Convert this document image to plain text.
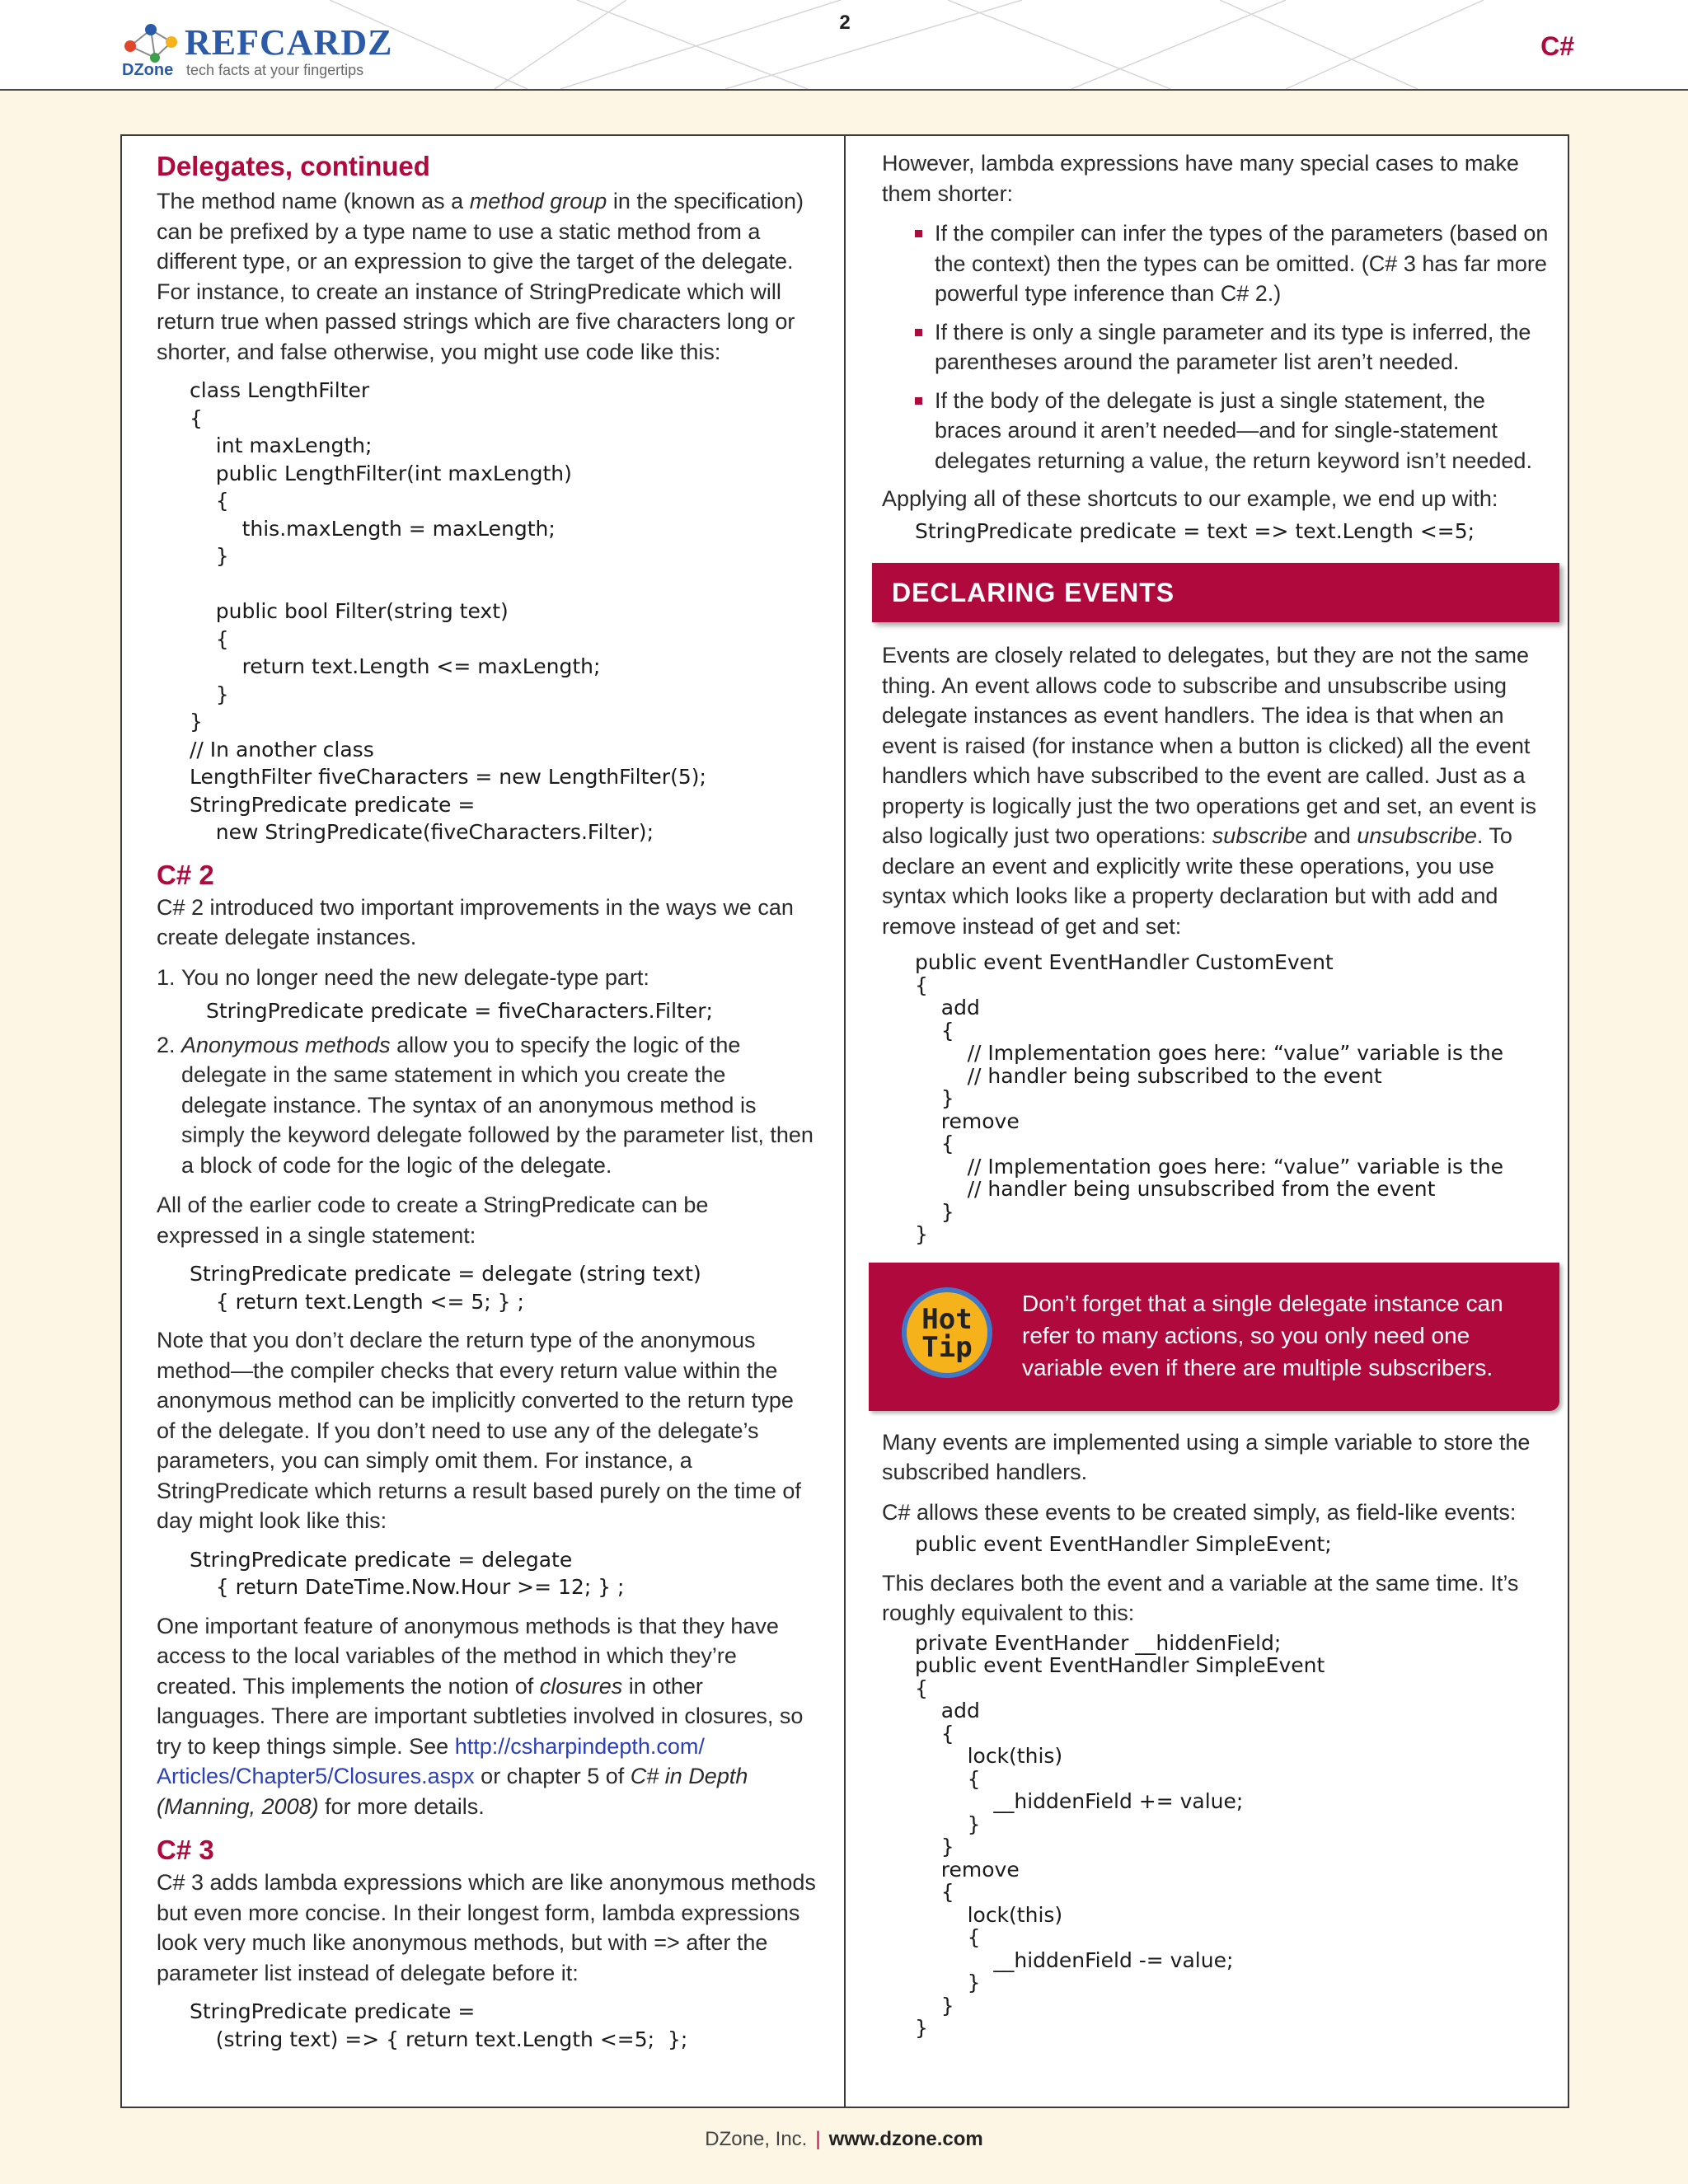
REFCARDZ
DZone tech facts at your fingertips
2
C#
Delegates, continued

The method name (known as a method group in the specification) can be prefixed by a type name to use a static method from a different type, or an expression to give the target of the delegate. For instance, to create an instance of StringPredicate which will return true when passed strings which are five characters long or shorter, and false otherwise, you might use code like this:

class LengthFilter
{
int maxLength;
public LengthFilter(int maxLength)
{
this.maxLength = maxLength;
}

public bool Filter(string text)
{
return text.Length <= maxLength;
}
}
// In another class
LengthFilter fiveCharacters = new LengthFilter(5);
StringPredicate predicate =
new StringPredicate(fiveCharacters.Filter);
C# 2

C# 2 introduced two important improvements in the ways we can create delegate instances.

1. You no longer need the new delegate-type part:
StringPredicate predicate = fiveCharacters.Filter;
2. Anonymous methods allow you to specify the logic of the delegate in the same statement in which you create the delegate instance. The syntax of an anonymous method is simply the keyword delegate followed by the parameter list, then a block of code for the logic of the delegate.

All of the earlier code to create a StringPredicate can be expressed in a single statement:

StringPredicate predicate = delegate (string text)
{ return text.Length <= 5; } ;

Note that you don’t declare the return type of the anonymous method—the compiler checks that every return value within the anonymous method can be implicitly converted to the return type of the delegate. If you don’t need to use any of the delegate’s parameters, you can simply omit them. For instance, a StringPredicate which returns a result based purely on the time of day might look like this:

StringPredicate predicate = delegate
{ return DateTime.Now.Hour >= 12; } ;

One important feature of anonymous methods is that they have access to the local variables of the method in which they’re created. This implements the notion of closures in other languages. There are important subtleties involved in closures, so try to keep things simple. See http://csharpindepth.com/ Articles/Chapter5/Closures.aspx or chapter 5 of C# in Depth (Manning, 2008) for more details.

C# 3

C# 3 adds lambda expressions which are like anonymous methods but even more concise. In their longest form, lambda expressions look very much like anonymous methods, but with => after the parameter list instead of delegate before it:

StringPredicate predicate =
(string text) => { return text.Length <=5;  };

However, lambda expressions have many special cases to make them shorter:

If the compiler can infer the types of the parameters (based on the context) then the types can be omitted. (C# 3 has far more powerful type inference than C# 2.)
If there is only a single parameter and its type is inferred, the parentheses around the parameter list aren’t needed.
If the body of the delegate is just a single statement, the braces around it aren’t needed—and for single-statement delegates returning a value, the return keyword isn’t needed.

Applying all of these shortcuts to our example, we end up with:

StringPredicate predicate = text => text.Length <=5;
DECLARING EVENTS

Events are closely related to delegates, but they are not the same thing. An event allows code to subscribe and unsubscribe using delegate instances as event handlers. The idea is that when an event is raised (for instance when a button is clicked) all the event handlers which have subscribed to the event are called. Just as a property is logically just the two operations get and set, an event is also logically just two operations: subscribe and unsubscribe. To declare an event and explicitly write these operations, you use syntax which looks like a property declaration but with add and remove instead of get and set:

public event EventHandler CustomEvent
{
add
{
// Implementation goes here: “value” variable is the
// handler being subscribed to the event
}
remove
{
// Implementation goes here: “value” variable is the
// handler being unsubscribed from the event
}
}
Hot
Tip
Don’t forget that a single delegate instance can refer to many actions, so you only need one variable even if there are multiple subscribers.

Many events are implemented using a simple variable to store the subscribed handlers.

C# allows these events to be created simply, as field-like events:

public event EventHandler SimpleEvent;

This declares both the event and a variable at the same time. It’s roughly equivalent to this:

private EventHander __hiddenField;
public event EventHandler SimpleEvent
{
add
{
lock(this)
{
__hiddenField += value;
}
}
remove
{
lock(this)
{
__hiddenField -= value;
}
}
}
DZone, Inc. | www.dzone.com
